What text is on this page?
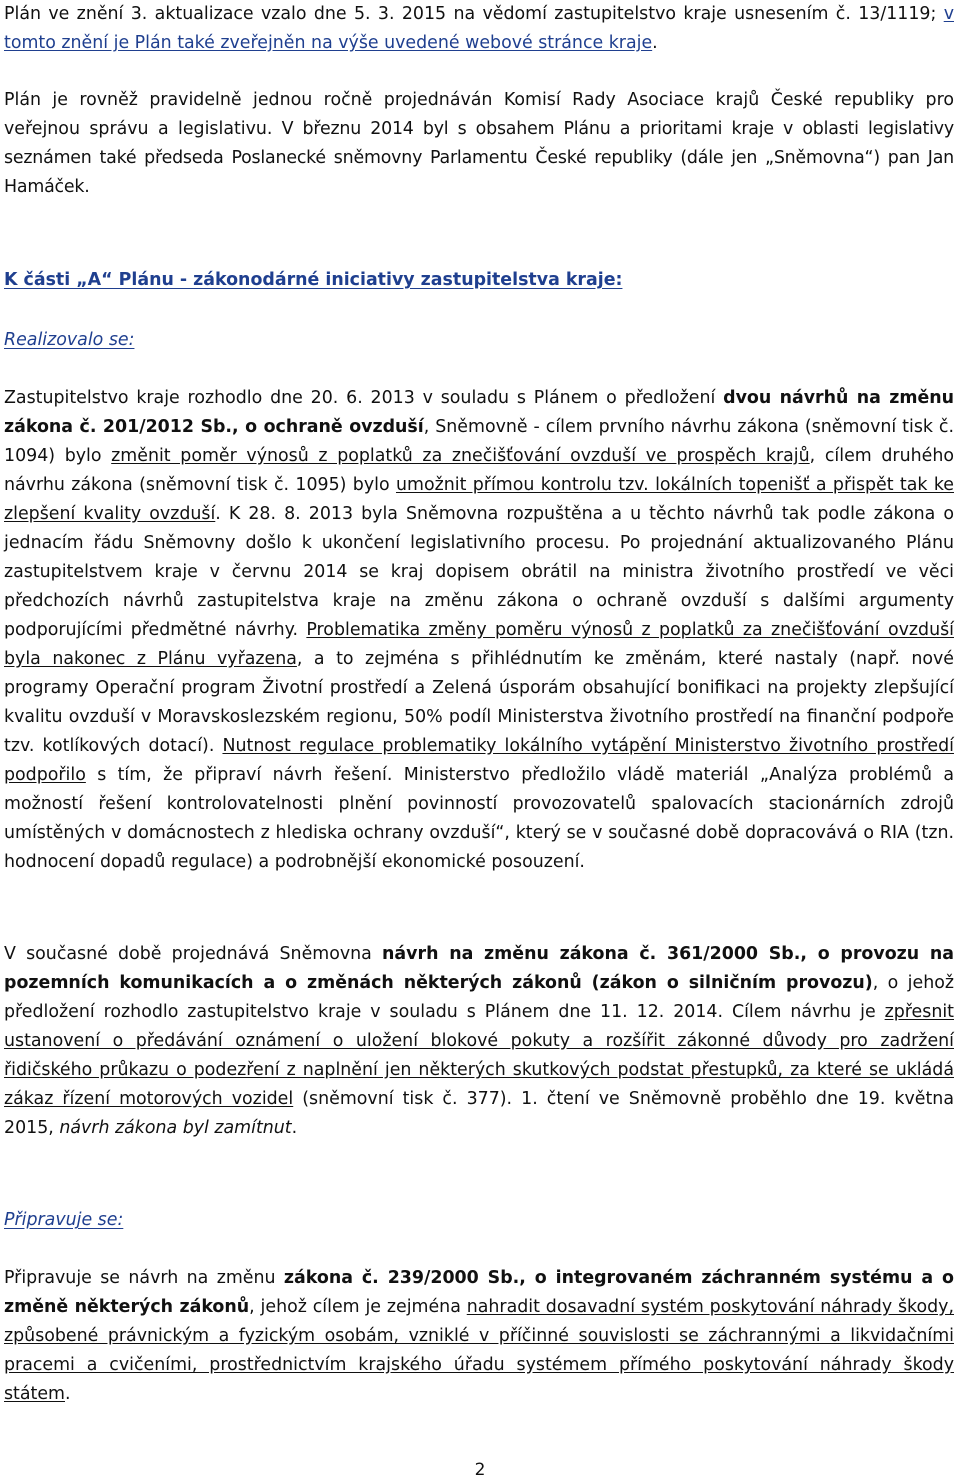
Plán ve znění 3. aktualizace vzalo dne 5. 3. 2015 na vědomí zastupitelstvo kraje usnesením č. 13/1119; v tomto znění je Plán také zveřejněn na výše uvedené webové stránce kraje.

Plán je rovněž pravidelně jednou ročně projednáván Komisí Rady Asociace krajů České republiky pro veřejnou správu a legislativu. V březnu 2014 byl s obsahem Plánu a prioritami kraje v oblasti legislativy seznámen také předseda Poslanecké sněmovny Parlamentu České republiky (dále jen „Sněmovna“) pan Jan Hamáček.

K části „A“ Plánu - zákonodárné iniciativy zastupitelstva kraje:

Realizovalo se:

Zastupitelstvo kraje rozhodlo dne 20. 6. 2013 v souladu s Plánem o předložení dvou návrhů na změnu zákona č. 201/2012 Sb., o ochraně ovzduší, Sněmovně - cílem prvního návrhu zákona (sněmovní tisk č. 1094) bylo změnit poměr výnosů z poplatků za znečišťování ovzduší ve prospěch krajů, cílem druhého návrhu zákona (sněmovní tisk č. 1095) bylo umožnit přímou kontrolu tzv. lokálních topenišť a přispět tak ke zlepšení kvality ovzduší. K 28. 8. 2013 byla Sněmovna rozpuštěna a u těchto návrhů tak podle zákona o jednacím řádu Sněmovny došlo k ukončení legislativního procesu. Po projednání aktualizovaného Plánu zastupitelstvem kraje v červnu 2014 se kraj dopisem obrátil na ministra životního prostředí ve věci předchozích návrhů zastupitelstva kraje na změnu zákona o ochraně ovzduší s dalšími argumenty podporujícími předmětné návrhy. Problematika změny poměru výnosů z poplatků za znečišťování ovzduší byla nakonec z Plánu vyřazena, a to zejména s přihlédnutím ke změnám, které nastaly (např. nové programy Operační program Životní prostředí a Zelená úsporám obsahující bonifikaci na projekty zlepšující kvalitu ovzduší v Moravskoslezském regionu, 50% podíl Ministerstva životního prostředí na finanční podpoře tzv. kotlíkových dotací). Nutnost regulace problematiky lokálního vytápění Ministerstvo životního prostředí podpořilo s tím, že připraví návrh řešení. Ministerstvo předložilo vládě materiál „Analýza problémů a možností řešení kontrolovatelnosti plnění povinností provozovatelů spalovacích stacionárních zdrojů umístěných v domácnostech z hlediska ochrany ovzduší“, který se v současné době dopracovává o RIA (tzn. hodnocení dopadů regulace) a podrobnější ekonomické posouzení.

V současné době projednává Sněmovna návrh na změnu zákona č. 361/2000 Sb., o provozu na pozemních komunikacích a o změnách některých zákonů (zákon o silničním provozu), o jehož předložení rozhodlo zastupitelstvo kraje v souladu s Plánem dne 11. 12. 2014. Cílem návrhu je zpřesnit ustanovení o předávání oznámení o uložení blokové pokuty a rozšířit zákonné důvody pro zadržení řidičského průkazu o podezření z naplnění jen některých skutkových podstat přestupků, za které se ukládá zákaz řízení motorových vozidel (sněmovní tisk č. 377). 1. čtení ve Sněmovně proběhlo dne 19. května 2015, návrh zákona byl zamítnut.

Připravuje se:

Připravuje se návrh na změnu zákona č. 239/2000 Sb., o integrovaném záchranném systému a o změně některých zákonů, jehož cílem je zejména nahradit dosavadní systém poskytování náhrady škody, způsobené právnickým a fyzickým osobám, vzniklé v příčinné souvislosti se záchrannými a likvidačními pracemi a cvičeními, prostřednictvím krajského úřadu systémem přímého poskytování náhrady škody státem.

2
